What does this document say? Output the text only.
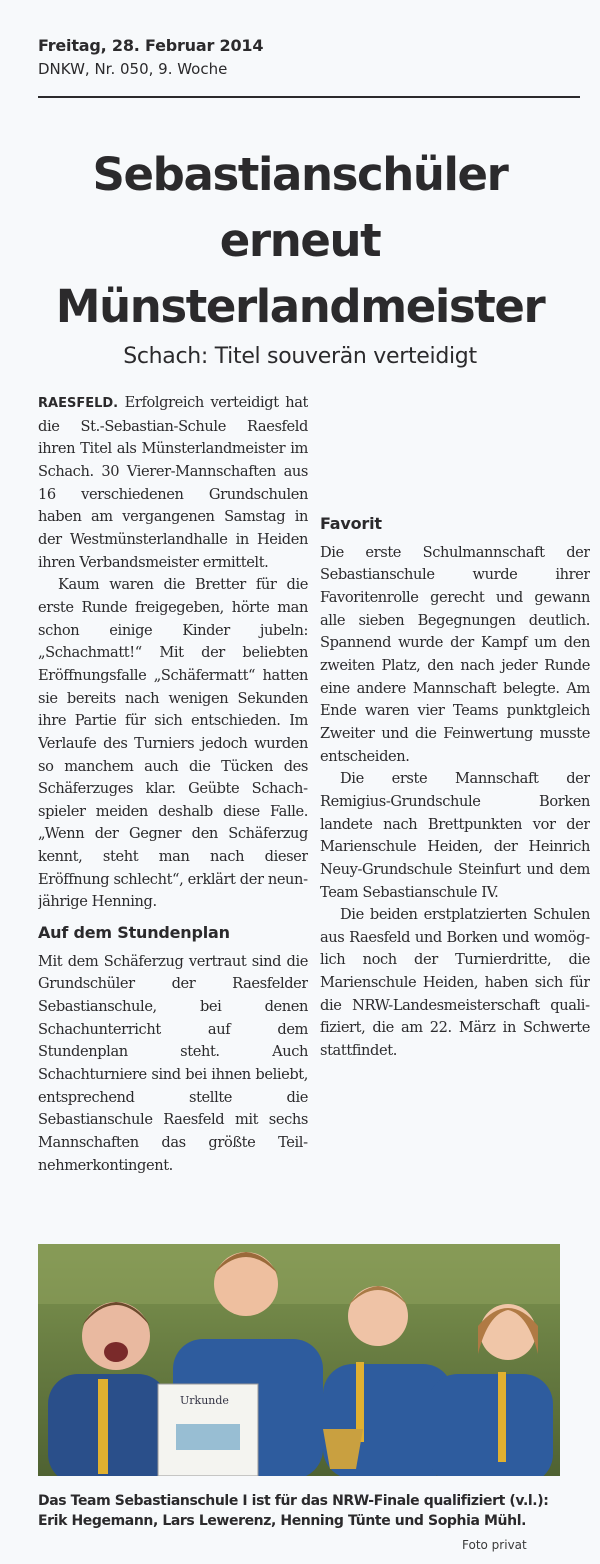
Freitag, 28. Februar 2014
DNKW, Nr. 050, 9. Woche
Sebastianschüler
erneut
Münsterlandmeister
Schach: Titel souverän verteidigt

RAESFELD. Erfolgreich verteidigt hat die St.-Sebastian-Schule Raesfeld ihren Titel als Münsterlandmeister im Schach. 30 Vierer-Mannschaften aus 16 verschiedenen Grundschulen haben am vergangenen Samstag in der Westmünsterlandhalle in Heiden ihren Verbandsmeister ermittelt.

Kaum waren die Bretter für die erste Runde freigegeben, hörte man schon einige Kinder jubeln: „Schachmatt!“ Mit der beliebten Eröffnungsfalle „Schäfermatt“ hatten sie bereits nach wenigen Sekunden ihre Partie für sich entschieden. Im Verlaufe des Turniers jedoch wurden so manchem auch die Tücken des Schäferzuges klar. Geübte Schachspieler meiden deshalb diese Falle. „Wenn der Gegner den Schäferzug kennt, steht man nach dieser Eröffnung schlecht“, erklärt der neunjährige Henning.

Auf dem Stundenplan

Mit dem Schäferzug vertraut sind die Grundschüler der Raesfelder Sebastianschule, bei denen Schachunterricht auf dem Stundenplan steht. Auch Schachturniere sind bei ihnen beliebt, entsprechend stellte die Sebastianschule Raesfeld mit sechs Mannschaften das größte Teilnehmerkontingent.

Favorit

Die erste Schulmannschaft der Sebastianschule wurde ihrer Favoritenrolle gerecht und gewann alle sieben Begegnungen deutlich. Spannend wurde der Kampf um den zweiten Platz, den nach jeder Runde eine andere Mannschaft belegte. Am Ende waren vier Teams punktgleich Zweiter und die Feinwertung musste entscheiden.

Die erste Mannschaft der Remigius-Grundschule Borken landete nach Brettpunkten vor der Marienschule Heiden, der Heinrich Neuy-Grundschule Steinfurt und dem Team Sebastianschule IV.

Die beiden erstplatzierten Schulen aus Raesfeld und Borken und womöglich noch der Turnierdritte, die Marienschule Heiden, haben sich für die NRW-Landesmeisterschaft qualifiziert, die am 22. März in Schwerte stattfindet.

Urkunde
Das Team Sebastianschule I ist für das NRW-Finale qualifiziert (v.l.): Erik Hegemann, Lars Lewerenz, Henning Tünte und Sophia Mühl.
Foto privat
